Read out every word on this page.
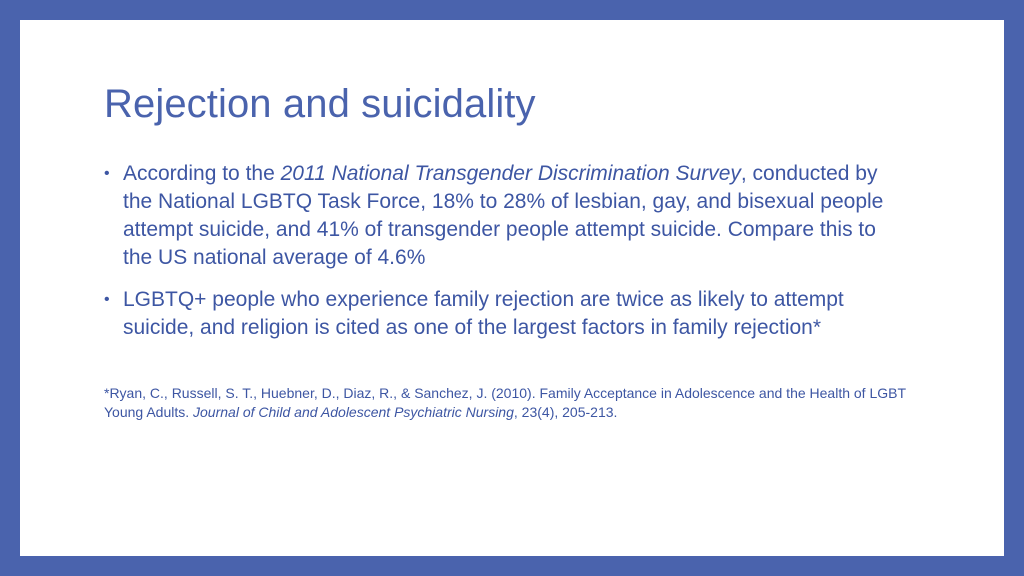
Rejection and suicidality
• According to the 2011 National Transgender Discrimination Survey, conducted by the National LGBTQ Task Force, 18% to 28% of lesbian, gay, and bisexual people attempt suicide, and 41% of transgender people attempt suicide. Compare this to the US national average of 4.6%
• LGBTQ+ people who experience family rejection are twice as likely to attempt suicide, and religion is cited as one of the largest factors in family rejection*

*Ryan, C., Russell, S. T., Huebner, D., Diaz, R., & Sanchez, J. (2010). Family Acceptance in Adolescence and the Health of LGBT Young Adults. Journal of Child and Adolescent Psychiatric Nursing, 23(4), 205-213.
